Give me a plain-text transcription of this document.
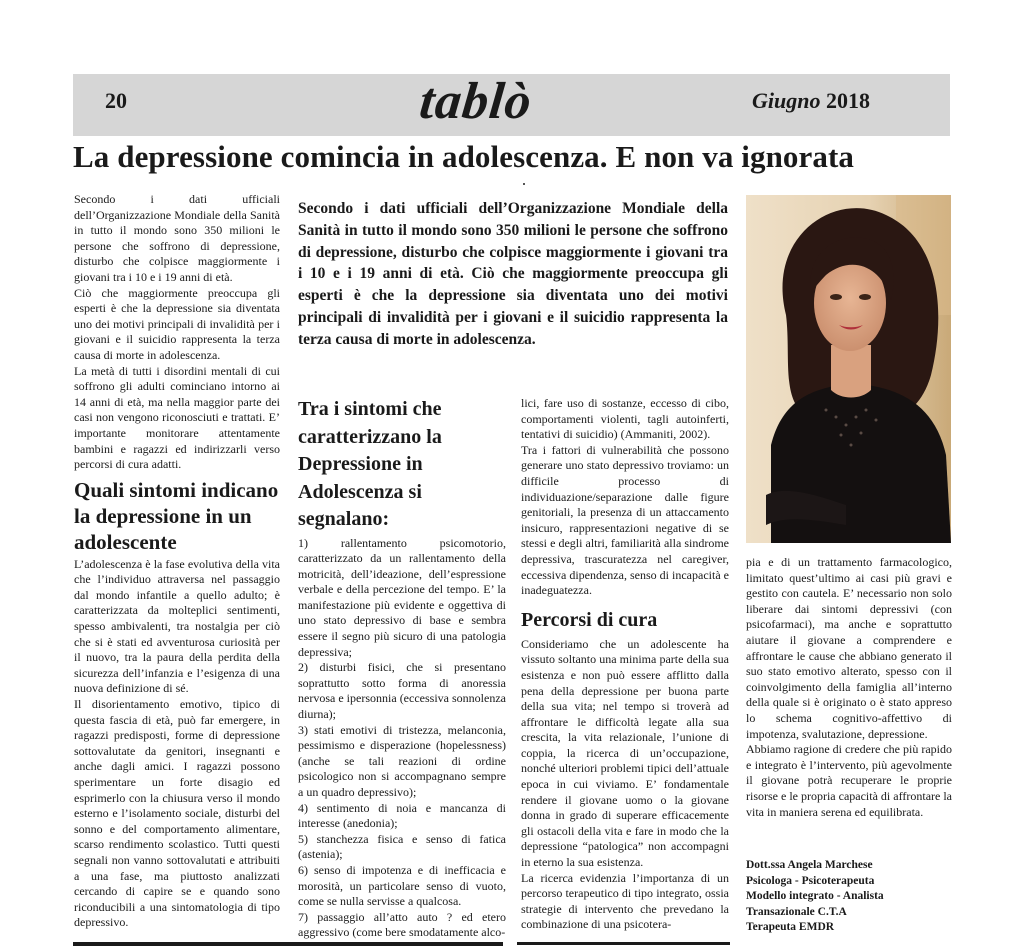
20	tablò	Giugno 2018
La depressione comincia in adolescenza. E non va ignorata

Secondo i dati ufficiali dell’Organizzazione Mondiale della Sanità in tutto il mondo sono 350 milioni le persone che soffrono di depressione, disturbo che colpisce maggiormente i giovani tra i 10 e i 19 anni di età.

Ciò che maggiormente preoccupa gli esperti è che la depressione sia diventata uno dei motivi principali di invalidità per i giovani e il suicidio rappresenta la terza causa di morte in adolescenza.

La metà di tutti i disordini mentali di cui soffrono gli adulti cominciano intorno ai 14 anni di età, ma nella maggior parte dei casi non vengono riconosciuti e trattati. E’ importante monitorare attentamente bambini e ragazzi ed indirizzarli verso percorsi di cura adatti.

Quali sintomi indicano la depressione in un adolescente

L’adolescenza è la fase evolutiva della vita che l’individuo attraversa nel passaggio dal mondo infantile a quello adulto; è caratterizzata da molteplici sentimenti, spesso ambivalenti, tra nostalgia per ciò che si è stati ed avventurosa curiosità per il nuovo, tra la paura della perdita della sicurezza dell’infanzia e l’esigenza di una nuova definizione di sé.

Il disorientamento emotivo, tipico di questa fascia di età, può far emergere, in ragazzi predisposti, forme di depressione sottovalutate da genitori, insegnanti e anche dagli amici. I ragazzi possono sperimentare un forte disagio ed esprimerlo con la chiusura verso il mondo esterno e l’isolamento sociale, disturbi del sonno e del comportamento alimentare, scarso rendimento scolastico. Tutti questi segnali non vanno sottovalutati e attribuiti a una fase, ma piuttosto analizzati cercando di capire se e quando sono riconducibili a una sintomatologia di tipo depressivo.

Secondo i dati ufficiali dell’Organizzazione Mondiale della Sanità in tutto il mondo sono 350 milioni le persone che soffrono di depressione, disturbo che colpisce maggiormente i giovani tra i 10 e i 19 anni di età. Ciò che maggiormente preoccupa gli esperti è che la depressione sia diventata uno dei motivi principali di invalidità per i giovani e il suicidio rappresenta la terza causa di morte in adolescenza.
Tra i sintomi che caratterizzano la Depressione in Adolescenza si segnalano:

1) rallentamento psicomotorio, caratterizzato da un rallentamento della motricità, dell’ideazione, dell’espressione verbale e della percezione del tempo. E’ la manifestazione più evidente e oggettiva di uno stato depressivo di base e sembra essere il segno più sicuro di una patologia depressiva;

2) disturbi fisici, che si presentano soprattutto sotto forma di anoressia nervosa e ipersonnia (eccessiva sonnolenza diurna);

3) stati emotivi di tristezza, melanconia, pessimismo e disperazione (hopelessness) (anche se tali reazioni di ordine psicologico non si accompagnano sempre a un quadro depressivo);

4) sentimento di noia e mancanza di interesse (anedonia);

5) stanchezza fisica e senso di fatica (astenia);

6) senso di impotenza e di inefficacia e morosità, un particolare senso di vuoto, come se nulla servisse a qualcosa.

7) passaggio all’atto auto ? ed etero aggressivo (come bere smodatamente alco-

lici, fare uso di sostanze, eccesso di cibo, comportamenti violenti, tagli autoinferti, tentativi di suicidio) (Ammaniti, 2002).

Tra i fattori di vulnerabilità che possono generare uno stato depressivo troviamo: un difficile processo di individuazione/separazione dalle figure genitoriali, la presenza di un attaccamento insicuro, rappresentazioni negative di se stessi e degli altri, familiarità alla sindrome depressiva, trascuratezza nel caregiver, eccessiva dipendenza, senso di incapacità e inadeguatezza.

Percorsi di cura

Consideriamo che un adolescente ha vissuto soltanto una minima parte della sua esistenza e non può essere afflitto dalla pena della depressione per buona parte della sua vita; nel tempo si troverà ad affrontare le difficoltà legate alla sua crescita, la vita relazionale, l’unione di coppia, la ricerca di un’occupazione, nonché ulteriori problemi tipici dell’attuale epoca in cui viviamo. E’ fondamentale rendere il giovane uomo o la giovane donna in grado di superare efficacemente gli ostacoli della vita e fare in modo che la depressione “patologica” non accompagni in eterno la sua esistenza.

La ricerca evidenzia l’importanza di un percorso terapeutico di tipo integrato, ossia strategie di intervento che prevedano la combinazione di una psicotera-

pia e di un trattamento farmacologico, limitato quest’ultimo ai casi più gravi e gestito con cautela. E’ necessario non solo liberare dai sintomi depressivi (con psicofarmaci), ma anche e soprattutto aiutare il giovane a comprendere e affrontare le cause che abbiano generato il suo stato emotivo alterato, spesso con il coinvolgimento della famiglia all’interno della quale si è originato o è stato appreso lo schema cognitivo-affettivo di impotenza, svalutazione, depressione.

Abbiamo ragione di credere che più rapido e integrato è l’intervento, più agevolmente il giovane potrà recuperare le proprie risorse e le propria capacità di affrontare la vita in maniera serena ed equilibrata.

Dott.ssa Angela Marchese
Psicologa - Psicoterapeuta
Modello integrato - Analista
Transazionale C.T.A
Terapeuta EMDR
